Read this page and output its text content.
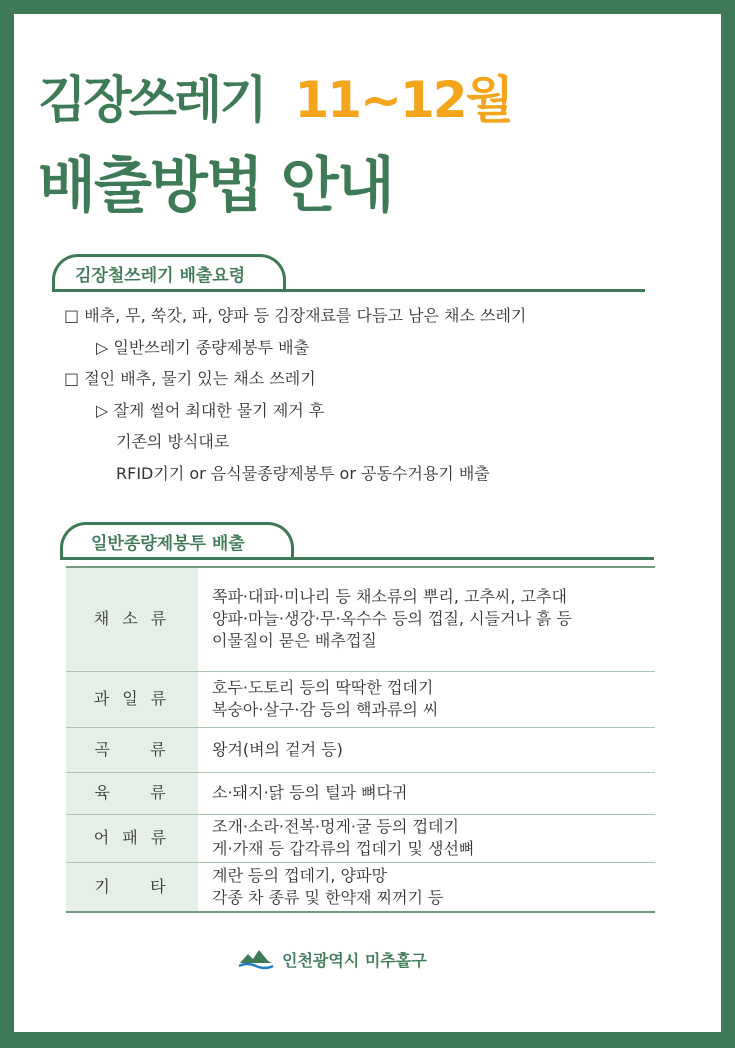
김장쓰레기 11~12월
배출방법 안내
김장철쓰레기 배출요령
□ 배추, 무, 쑥갓, 파, 양파 등 김장재료를 다듬고 남은 채소 쓰레기
▷ 일반쓰레기 종량제봉투 배출
□ 절인 배추, 물기 있는 채소 쓰레기
▷ 잘게 썰어 최대한 물기 제거 후
기존의 방식대로
RFID기기 or 음식물종량제봉투 or 공동수거용기 배출
일반종량제봉투 배출
채 소 류	쪽파·대파·미나리 등 채소류의 뿌리, 고추씨, 고추대
양파·마늘·생강·무·옥수수 등의 껍질, 시들거나 흙 등
이물질이 묻은 배추껍질

과 일 류	호두·도토리 등의 딱딱한 껍데기
복숭아·살구·감 등의 핵과류의 씨

곡    류	왕겨(벼의 겉겨 등)

육    류	소·돼지·닭 등의 털과 뼈다귀

어 패 류	조개·소라·전복·멍게·굴 등의 껍데기
게·가재 등 갑각류의 껍데기 및 생선뼈

기    타	계란 등의 껍데기, 양파망
각종 차 종류 및 한약재 찌꺼기 등
인천광역시 미추홀구
